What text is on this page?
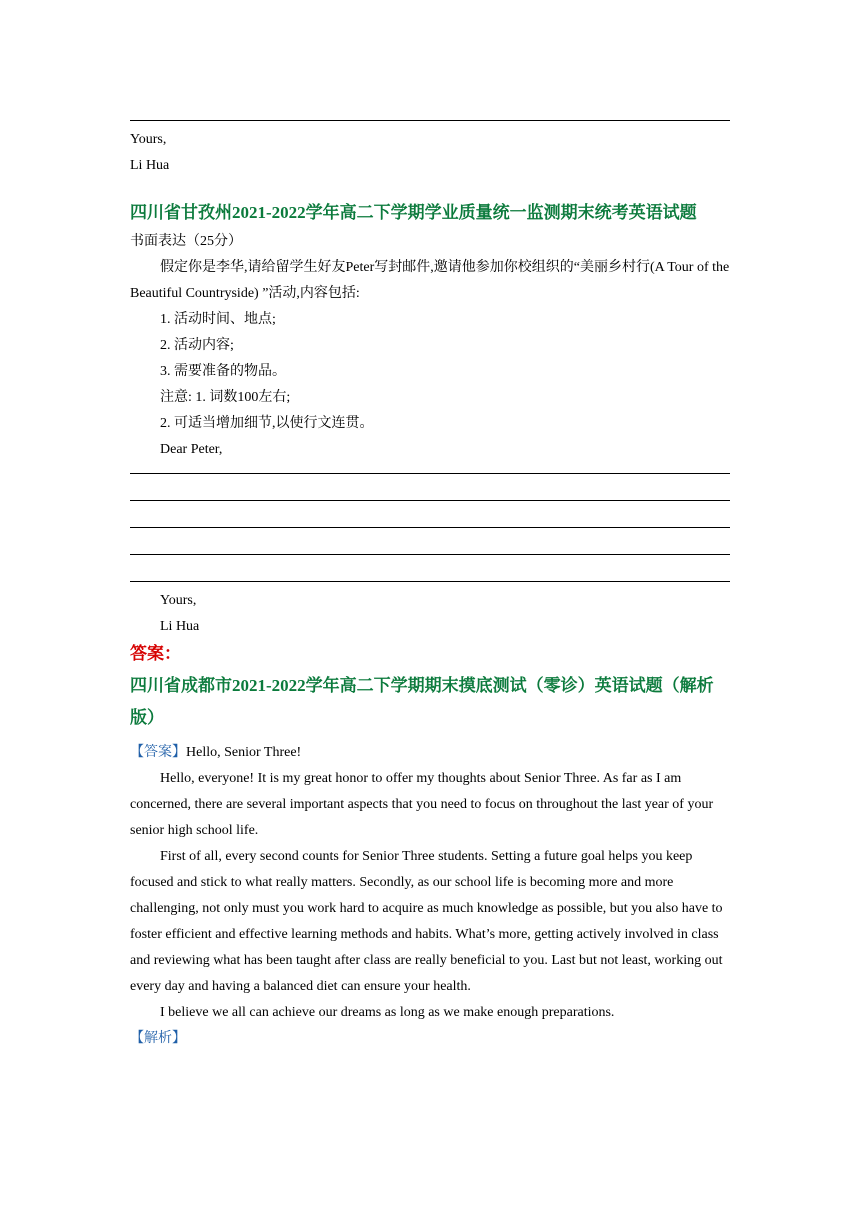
Yours,

Li Hua

四川省甘孜州2021-2022学年高二下学期学业质量统一监测期末统考英语试题

书面表达（25分）

假定你是李华,请给留学生好友Peter写封邮件,邀请他参加你校组织的“美丽乡村行(A Tour of the Beautiful Countryside) ”活动,内容包括:

1. 活动时间、地点;

2. 活动内容;

3. 需要准备的物品。

注意: 1. 词数100左右;

2. 可适当增加细节,以使行文连贯。

Dear Peter,

Yours,

Li Hua

答案：

四川省成都市2021-2022学年高二下学期期末摸底测试（零诊）英语试题（解析版）

【答案】Hello, Senior Three!

Hello, everyone! It is my great honor to offer my thoughts about Senior Three. As far as I am concerned, there are several important aspects that you need to focus on throughout the last year of your senior high school life.

First of all, every second counts for Senior Three students. Setting a future goal helps you keep focused and stick to what really matters. Secondly, as our school life is becoming more and more challenging, not only must you work hard to acquire as much knowledge as possible, but you also have to foster efficient and effective learning methods and habits. What’s more, getting actively involved in class and reviewing what has been taught after class are really beneficial to you. Last but not least, working out every day and having a balanced diet can ensure your health.

I believe we all can achieve our dreams as long as we make enough preparations.

【解析】
